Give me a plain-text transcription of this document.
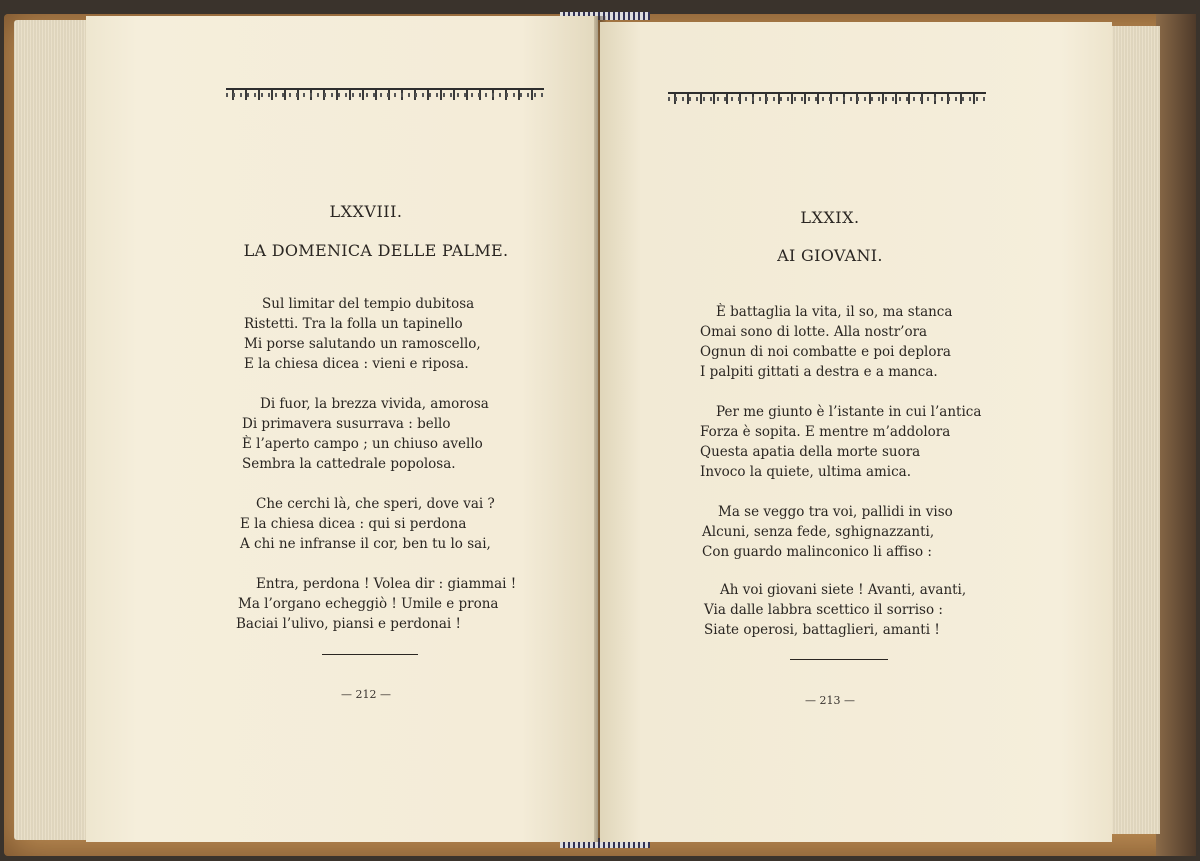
LXXVIII.
LA DOMENICA DELLE PALME.
Sul limitar del tempio dubitosa
Ristetti. Tra la folla un tapinello
Mi porse salutando un ramoscello,
E la chiesa dicea : vieni e riposa.
Di fuor, la brezza vivida, amorosa
Di primavera susurrava : bello
È l’aperto campo ; un chiuso avello
Sembra la cattedrale popolosa.
Che cerchi là, che speri, dove vai ?
E la chiesa dicea : qui si perdona
A chi ne infranse il cor, ben tu lo sai,
Entra, perdona ! Volea dir : giammai !
Ma l’organo echeggiò ! Umile e prona
Baciai l’ulivo, piansi e perdonai !
— 212 —
LXXIX.
AI GIOVANI.
È battaglia la vita, il so, ma stanca
Omai sono di lotte. Alla nostr’ora
Ognun di noi combatte e poi deplora
I palpiti gittati a destra e a manca.
Per me giunto è l’istante in cui l’antica
Forza è sopita. E mentre m’addolora
Questa apatia della morte suora
Invoco la quiete, ultima amica.
Ma se veggo tra voi, pallidi in viso
Alcuni, senza fede, sghignazzanti,
Con guardo malinconico li affiso :
Ah voi giovani siete ! Avanti, avanti,
Via dalle labbra scettico il sorriso :
Siate operosi, battaglieri, amanti !
— 213 —
